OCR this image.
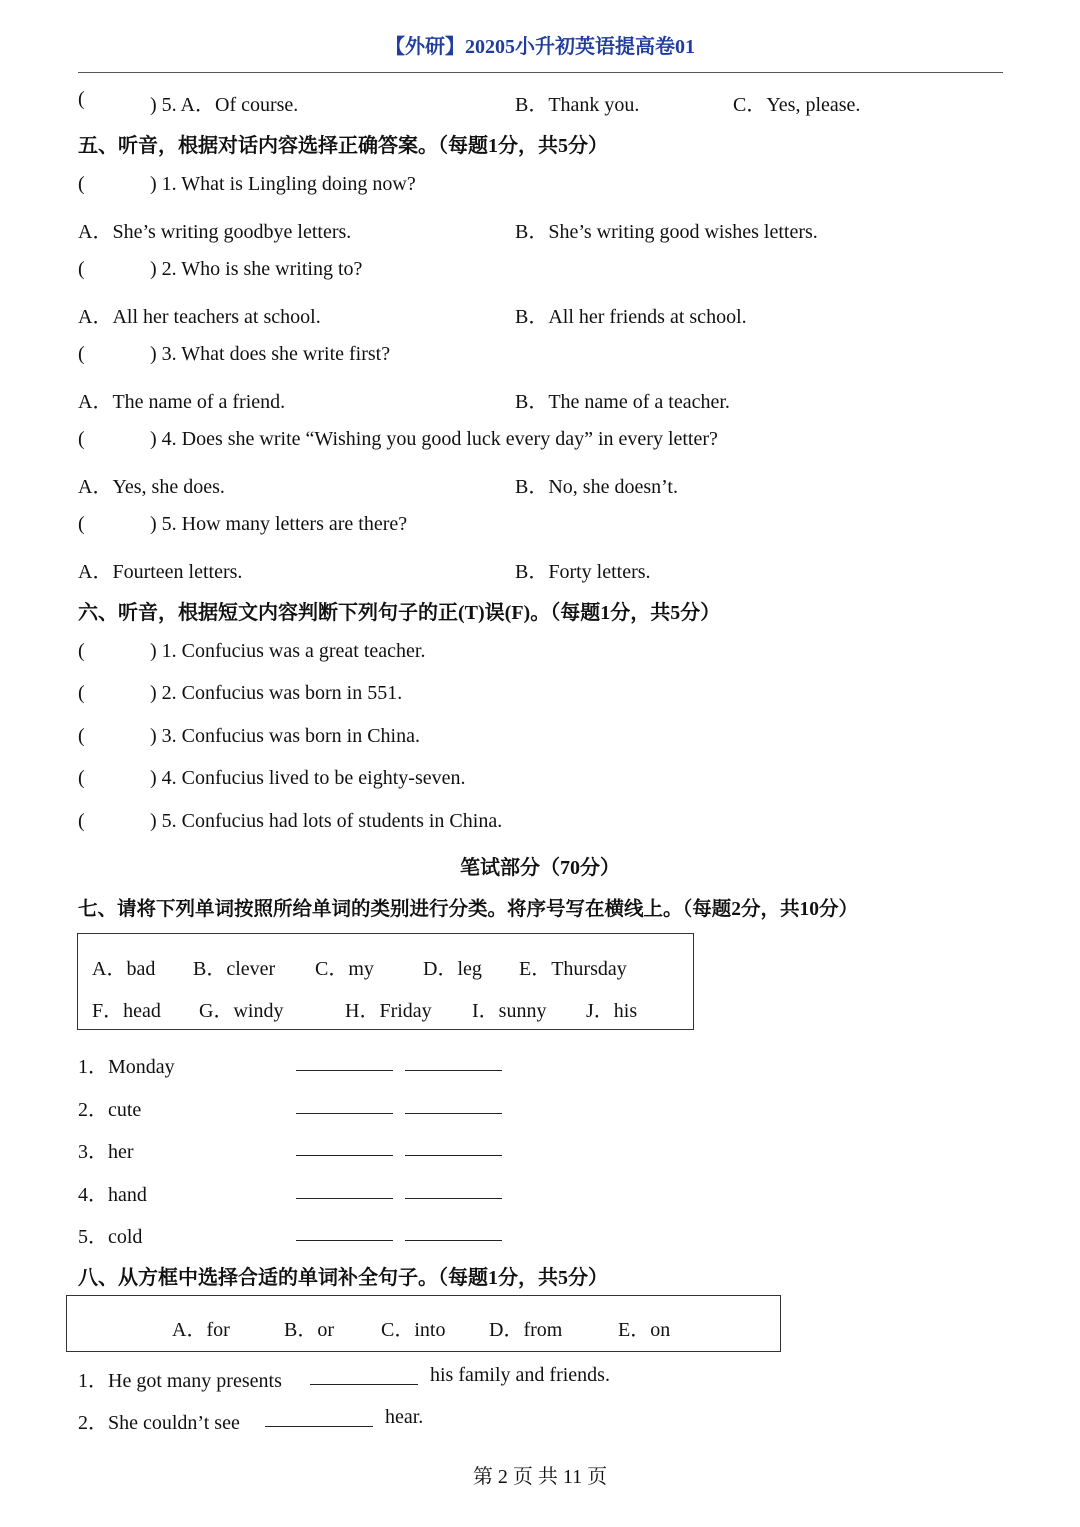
【外研】20205小升初英语提高卷01
(	) 5. A．Of course.	B．Thank you.	C．Yes, please.
五、听音，根据对话内容选择正确答案。（每题1分，共5分）
(	) 1. What is Lingling doing now?
A．She’s writing goodbye letters.	B．She’s writing good wishes letters.
(	) 2. Who is she writing to?
A．All her teachers at school.	B．All her friends at school.
(	) 3. What does she write first?
A．The name of a friend.	B．The name of a teacher.
(	) 4. Does she write “Wishing you good luck every day” in every letter?
A．Yes, she does.	B．No, she doesn’t.
(	) 5. How many letters are there?
A．Fourteen letters.	B．Forty letters.
六、听音，根据短文内容判断下列句子的正(T)误(F)。（每题1分，共5分）
(	) 1. Confucius was a great teacher.
(	) 2. Confucius was born in 551.
(	) 3. Confucius was born in China.
(	) 4. Confucius lived to be eighty-seven.
(	) 5. Confucius had lots of students in China.
笔试部分（70分）
七、请将下列单词按照所给单词的类别进行分类。将序号写在横线上。（每题2分，共10分）
A．bad B．clever C．my D．leg E．Thursday
F．head G．windy	H．Friday I．sunny J．his
1．Monday
2．cute
3．her
4．hand
5．cold
八、从方框中选择合适的单词补全句子。（每题1分，共5分）
A．for	B．or C．into D．from	E．on
1．He got many presents	his family and friends.
2．She couldn’t see	hear.
第 2 页 共 11 页
